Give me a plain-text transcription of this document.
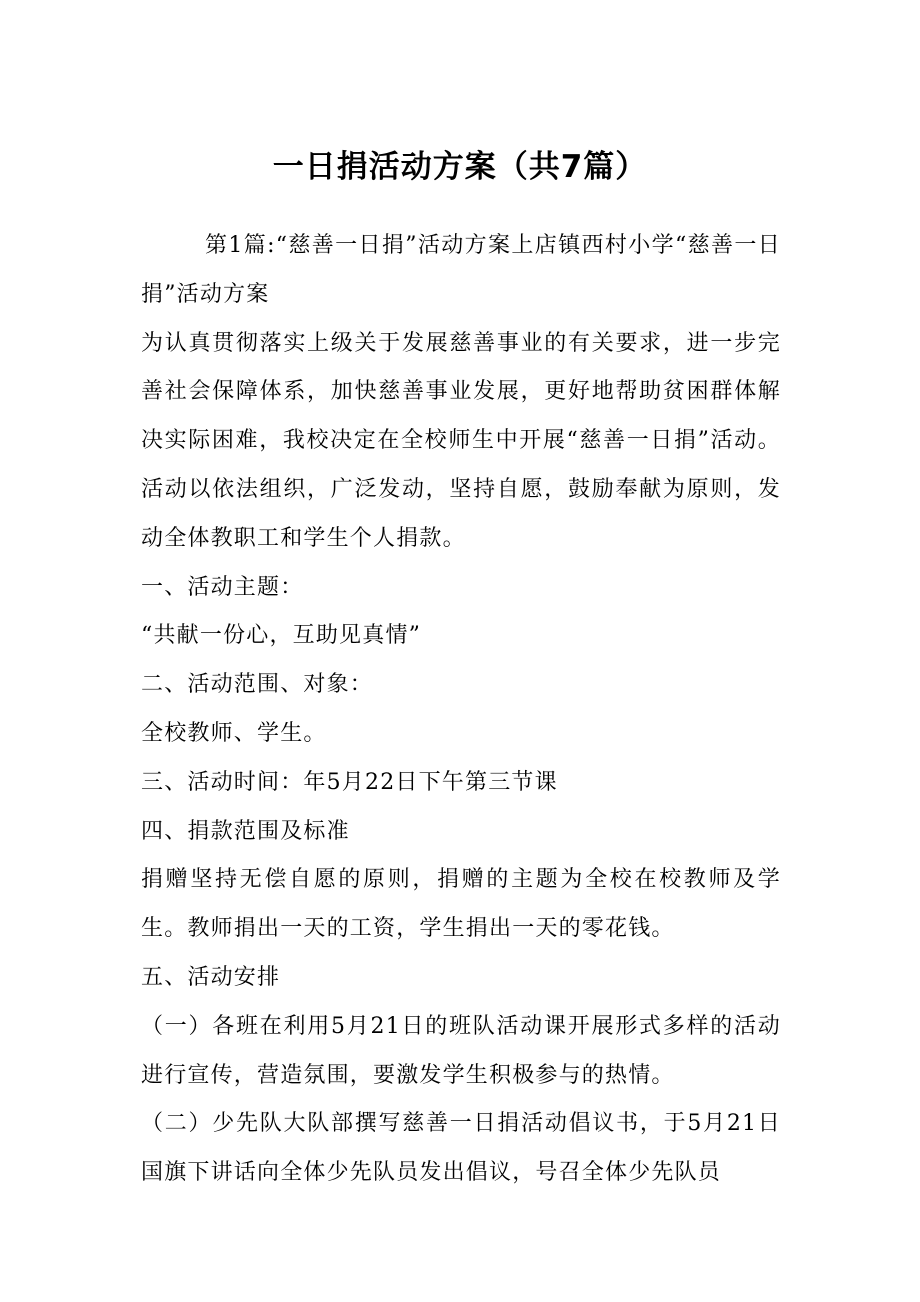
一日捐活动方案（共7篇）

第1篇:“慈善一日捐”活动方案上店镇西村小学“慈善一日捐”活动方案

为认真贯彻落实上级关于发展慈善事业的有关要求，进一步完善社会保障体系，加快慈善事业发展，更好地帮助贫困群体解决实际困难，我校决定在全校师生中开展“慈善一日捐”活动。活动以依法组织，广泛发动，坚持自愿，鼓励奉献为原则，发动全体教职工和学生个人捐款。

一、活动主题：

“共献一份心，互助见真情”

二、活动范围、对象：

全校教师、学生。

三、活动时间：年5月22日下午第三节课

四、捐款范围及标准

捐赠坚持无偿自愿的原则，捐赠的主题为全校在校教师及学生。教师捐出一天的工资，学生捐出一天的零花钱。

五、活动安排

（一）各班在利用5月21日的班队活动课开展形式多样的活动进行宣传，营造氛围，要激发学生积极参与的热情。

（二）少先队大队部撰写慈善一日捐活动倡议书，于5月21日国旗下讲话向全体少先队员发出倡议，号召全体少先队员
